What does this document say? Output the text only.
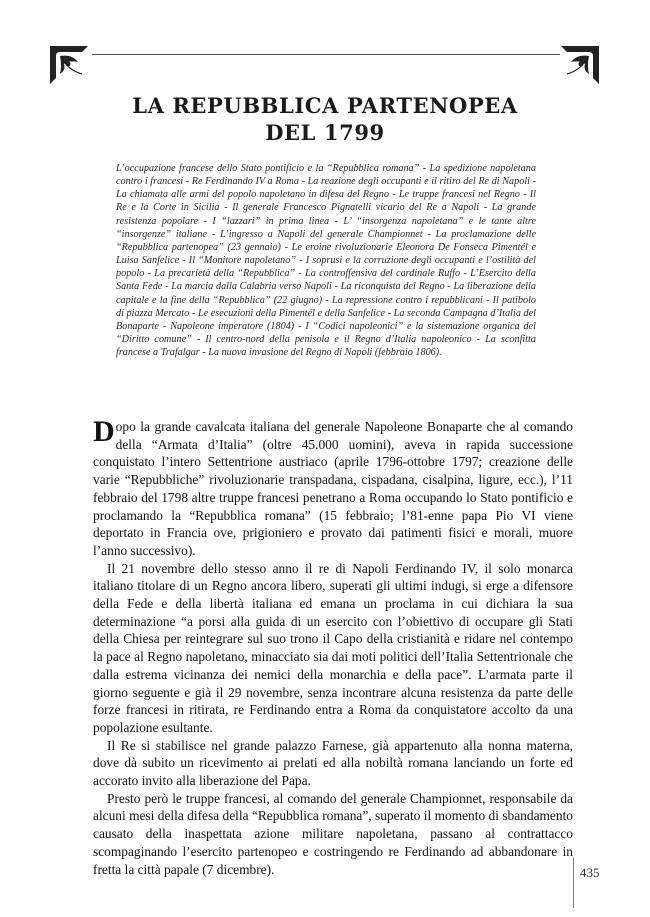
LA REPUBBLICA PARTENOPEA
DEL 1799

L’occupazione francese dello Stato pontificio e la “Repubblica romana” - La spedizione napoletana contro i francesi - Re Ferdinando IV a Roma - La reazione degli occupanti e il ritiro del Re di Napoli - La chiamata alle armi del popolo napoletano in difesa del Regno - Le truppe francesi nel Regno - Il Re e la Corte in Sicilia - Il generale Francesco Pignatelli vicario del Re a Napoli - La grande resistenza popolare - I “lazzari” in prima linea - L’ “insorgenza napoletana” e le tante altre “insorgenze” italiane - L’ingresso a Napoli del generale Championnet - La proclamazione delle “Repubblica partenopea” (23 gennaio) - Le eroine rivoluzionarie Eleonora De Fonseca Pimentél e Luisa Sanfelice - Il “Monitore napoletano” - I soprusi e la corruzione degli occupanti e l’ostilità del popolo - La precarietà della “Repubblica” - La controffensiva del cardinale Ruffo - L’Esercito della Santa Fede - La marcia dalla Calabria verso Napoli - La riconquista del Regno - La liberazione della capitale e la fine della “Repubblica” (22 giugno) - La repressione contro i repubblicani - Il patibolo di piazza Mercato - Le esecuzioni della Pimentél e della Sanfelice - La seconda Campagna d’Italia del Bonaparte - Napoleone imperatore (1804) - I “Codici napoleonici” e la sistemazione organica del “Diritto comune” - Il centro-nord della penisola e il Regno d’Italia napoleonico - La sconfitta francese a Trafalgar - La nuova invasione del Regno di Napoli (febbraio 1806).

Dopo la grande cavalcata italiana del generale Napoleone Bonaparte che al comando della “Armata d’Italia” (oltre 45.000 uomini), aveva in rapida successione conquistato l’intero Settentrione austriaco (aprile 1796-ottobre 1797; creazione delle varie “Repubbliche” rivoluzionarie transpadana, cispadana, cisalpina, ligure, ecc.), l’11 febbraio del 1798 altre truppe francesi penetrano a Roma occupando lo Stato pontificio e proclamando la “Repubblica romana” (15 febbraio; l’81-enne papa Pio VI viene deportato in Francia ove, prigioniero e provato dai patimenti fisici e morali, muore l’anno successivo).

Il 21 novembre dello stesso anno il re di Napoli Ferdinando IV, il solo monarca italiano titolare di un Regno ancora libero, superati gli ultimi indugi, si erge a difensore della Fede e della libertà italiana ed emana un proclama in cui dichiara la sua determinazione “a porsi alla guida di un esercito con l’obiettivo di occupare gli Stati della Chiesa per reintegrare sul suo trono il Capo della cristianità e ridare nel contempo la pace al Regno napoletano, minacciato sia dai moti politici dell’Italia Settentrionale che dalla estrema vicinanza dei nemici della monarchia e della pace”. L’armata parte il giorno seguente e già il 29 novembre, senza incontrare alcuna resistenza da parte delle forze francesi in ritirata, re Ferdinando entra a Roma da conquistatore accolto da una popolazione esultante.

Il Re si stabilisce nel grande palazzo Farnese, già appartenuto alla nonna materna, dove dà subito un ricevimento ai prelati ed alla nobiltà romana lanciando un forte ed accorato invito alla liberazione del Papa.

Presto però le truppe francesi, al comando del generale Championnet, responsabile da alcuni mesi della difesa della “Repubblica romana”, superato il momento di sbandamento causato della inaspettata azione militare napoletana, passano al contrattacco scompaginando l’esercito partenopeo e costringendo re Ferdinando ad abbandonare in fretta la città papale (7 dicembre).	435
